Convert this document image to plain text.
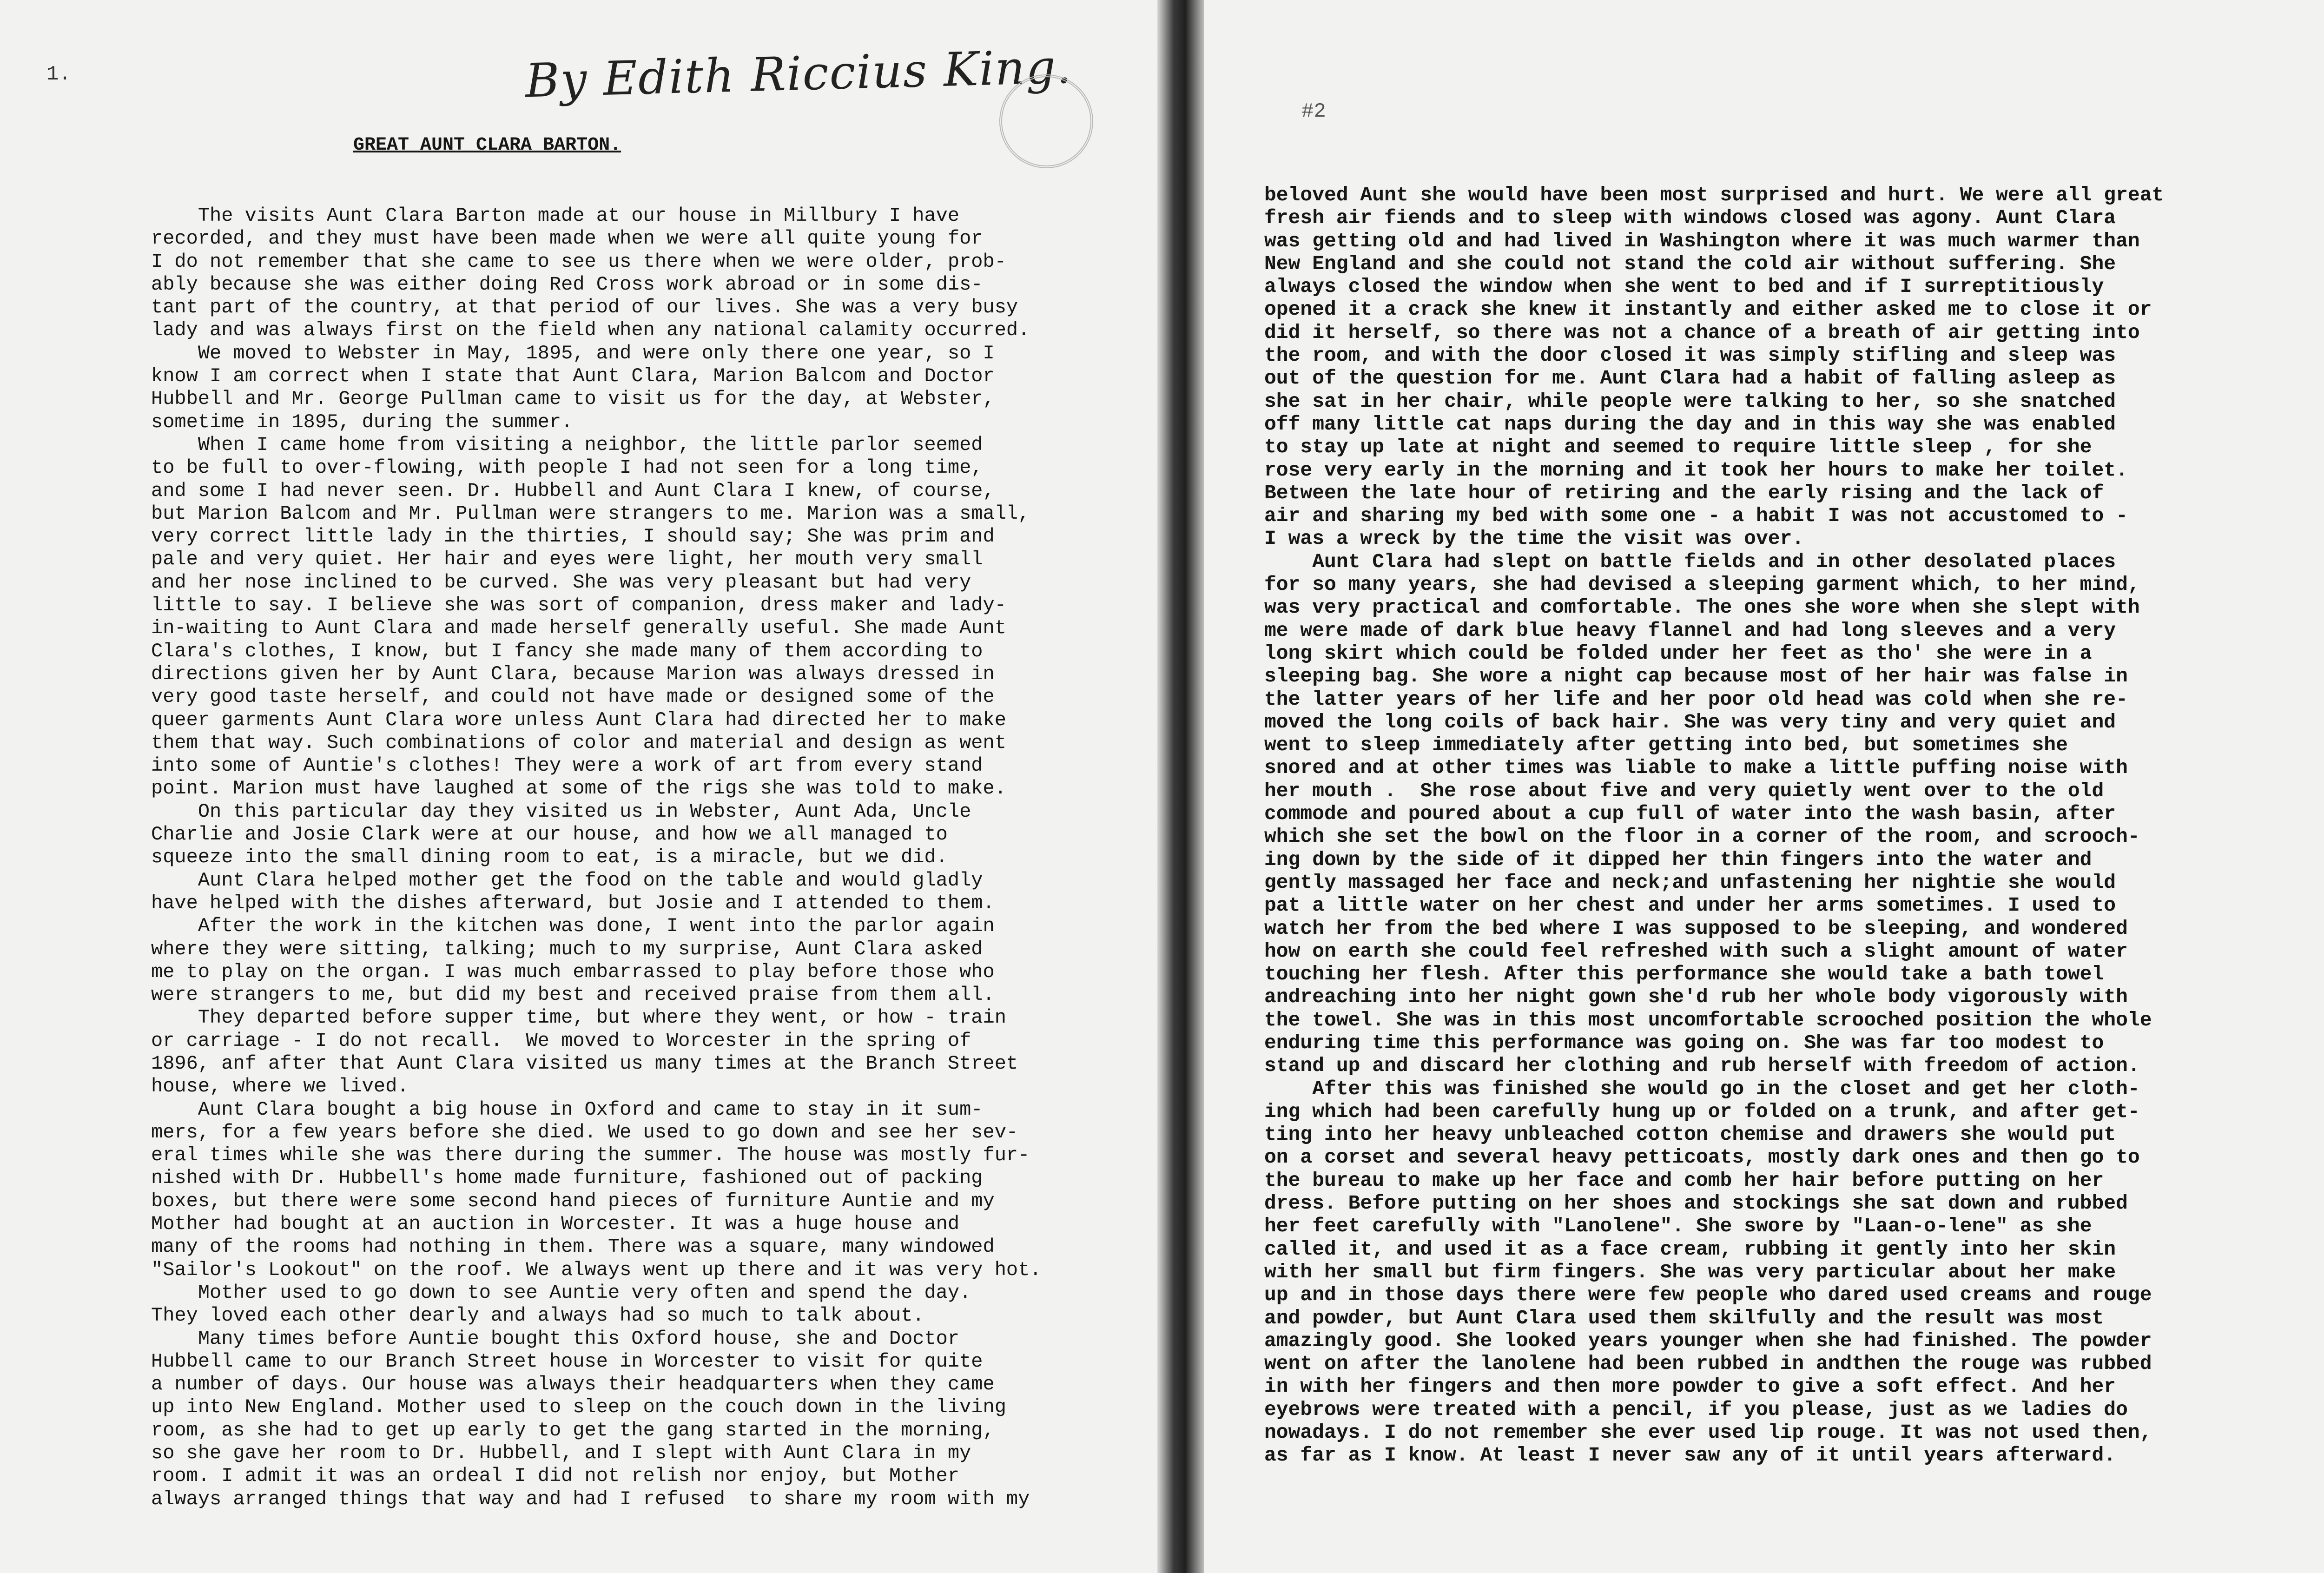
1.	By Edith Riccius King.
GREAT AUNT CLARA BARTON.
The visits Aunt Clara Barton made at our house in Millbury I have
recorded, and they must have been made when we were all quite young for
I do not remember that she came to see us there when we were older, prob-
ably because she was either doing Red Cross work abroad or in some dis-
tant part of the country, at that period of our lives. She was a very busy
lady and was always first on the field when any national calamity occurred.
We moved to Webster in May, 1895, and were only there one year, so I
know I am correct when I state that Aunt Clara, Marion Balcom and Doctor
Hubbell and Mr. George Pullman came to visit us for the day, at Webster,
sometime in 1895, during the summer.
When I came home from visiting a neighbor, the little parlor seemed
to be full to over-flowing, with people I had not seen for a long time,
and some I had never seen. Dr. Hubbell and Aunt Clara I knew, of course,
but Marion Balcom and Mr. Pullman were strangers to me. Marion was a small,
very correct little lady in the thirties, I should say; She was prim and
pale and very quiet. Her hair and eyes were light, her mouth very small
and her nose inclined to be curved. She was very pleasant but had very
little to say. I believe she was sort of companion, dress maker and lady-
in-waiting to Aunt Clara and made herself generally useful. She made Aunt
Clara's clothes, I know, but I fancy she made many of them according to
directions given her by Aunt Clara, because Marion was always dressed in
very good taste herself, and could not have made or designed some of the
queer garments Aunt Clara wore unless Aunt Clara had directed her to make
them that way. Such combinations of color and material and design as went
into some of Auntie's clothes! They were a work of art from every stand
point. Marion must have laughed at some of the rigs she was told to make.
On this particular day they visited us in Webster, Aunt Ada, Uncle
Charlie and Josie Clark were at our house, and how we all managed to
squeeze into the small dining room to eat, is a miracle, but we did.
Aunt Clara helped mother get the food on the table and would gladly
have helped with the dishes afterward, but Josie and I attended to them.
After the work in the kitchen was done, I went into the parlor again
where they were sitting, talking; much to my surprise, Aunt Clara asked
me to play on the organ. I was much embarrassed to play before those who
were strangers to me, but did my best and received praise from them all.
They departed before supper time, but where they went, or how - train
or carriage - I do not recall.  We moved to Worcester in the spring of
1896, anf after that Aunt Clara visited us many times at the Branch Street
house, where we lived.
Aunt Clara bought a big house in Oxford and came to stay in it sum-
mers, for a few years before she died. We used to go down and see her sev-
eral times while she was there during the summer. The house was mostly fur-
nished with Dr. Hubbell's home made furniture, fashioned out of packing
boxes, but there were some second hand pieces of furniture Auntie and my
Mother had bought at an auction in Worcester. It was a huge house and
many of the rooms had nothing in them. There was a square, many windowed
"Sailor's Lookout" on the roof. We always went up there and it was very hot.
Mother used to go down to see Auntie very often and spend the day.
They loved each other dearly and always had so much to talk about.
Many times before Auntie bought this Oxford house, she and Doctor
Hubbell came to our Branch Street house in Worcester to visit for quite
a number of days. Our house was always their headquarters when they came
up into New England. Mother used to sleep on the couch down in the living
room, as she had to get up early to get the gang started in the morning,
so she gave her room to Dr. Hubbell, and I slept with Aunt Clara in my
room. I admit it was an ordeal I did not relish nor enjoy, but Mother
always arranged things that way and had I refused  to share my room with my
#2
beloved Aunt she would have been most surprised and hurt. We were all great
fresh air fiends and to sleep with windows closed was agony. Aunt Clara
was getting old and had lived in Washington where it was much warmer than
New England and she could not stand the cold air without suffering. She
always closed the window when she went to bed and if I surreptitiously
opened it a crack she knew it instantly and either asked me to close it or
did it herself, so there was not a chance of a breath of air getting into
the room, and with the door closed it was simply stifling and sleep was
out of the question for me. Aunt Clara had a habit of falling asleep as
she sat in her chair, while people were talking to her, so she snatched
off many little cat naps during the day and in this way she was enabled
to stay up late at night and seemed to require little sleep , for she
rose very early in the morning and it took her hours to make her toilet.
Between the late hour of retiring and the early rising and the lack of
air and sharing my bed with some one - a habit I was not accustomed to -
I was a wreck by the time the visit was over.
Aunt Clara had slept on battle fields and in other desolated places
for so many years, she had devised a sleeping garment which, to her mind,
was very practical and comfortable. The ones she wore when she slept with
me were made of dark blue heavy flannel and had long sleeves and a very
long skirt which could be folded under her feet as tho' she were in a
sleeping bag. She wore a night cap because most of her hair was false in
the latter years of her life and her poor old head was cold when she re-
moved the long coils of back hair. She was very tiny and very quiet and
went to sleep immediately after getting into bed, but sometimes she
snored and at other times was liable to make a little puffing noise with
her mouth .  She rose about five and very quietly went over to the old
commode and poured about a cup full of water into the wash basin, after
which she set the bowl on the floor in a corner of the room, and scrooch-
ing down by the side of it dipped her thin fingers into the water and
gently massaged her face and neck;and unfastening her nightie she would
pat a little water on her chest and under her arms sometimes. I used to
watch her from the bed where I was supposed to be sleeping, and wondered
how on earth she could feel refreshed with such a slight amount of water
touching her flesh. After this performance she would take a bath towel
andreaching into her night gown she'd rub her whole body vigorously with
the towel. She was in this most uncomfortable scrooched position the whole
enduring time this performance was going on. She was far too modest to
stand up and discard her clothing and rub herself with freedom of action.
After this was finished she would go in the closet and get her cloth-
ing which had been carefully hung up or folded on a trunk, and after get-
ting into her heavy unbleached cotton chemise and drawers she would put
on a corset and several heavy petticoats, mostly dark ones and then go to
the bureau to make up her face and comb her hair before putting on her
dress. Before putting on her shoes and stockings she sat down and rubbed
her feet carefully with "Lanolene". She swore by "Laan-o-lene" as she
called it, and used it as a face cream, rubbing it gently into her skin
with her small but firm fingers. She was very particular about her make
up and in those days there were few people who dared used creams and rouge
and powder, but Aunt Clara used them skilfully and the result was most
amazingly good. She looked years younger when she had finished. The powder
went on after the lanolene had been rubbed in andthen the rouge was rubbed
in with her fingers and then more powder to give a soft effect. And her
eyebrows were treated with a pencil, if you please, just as we ladies do
nowadays. I do not remember she ever used lip rouge. It was not used then,
as far as I know. At least I never saw any of it until years afterward.
